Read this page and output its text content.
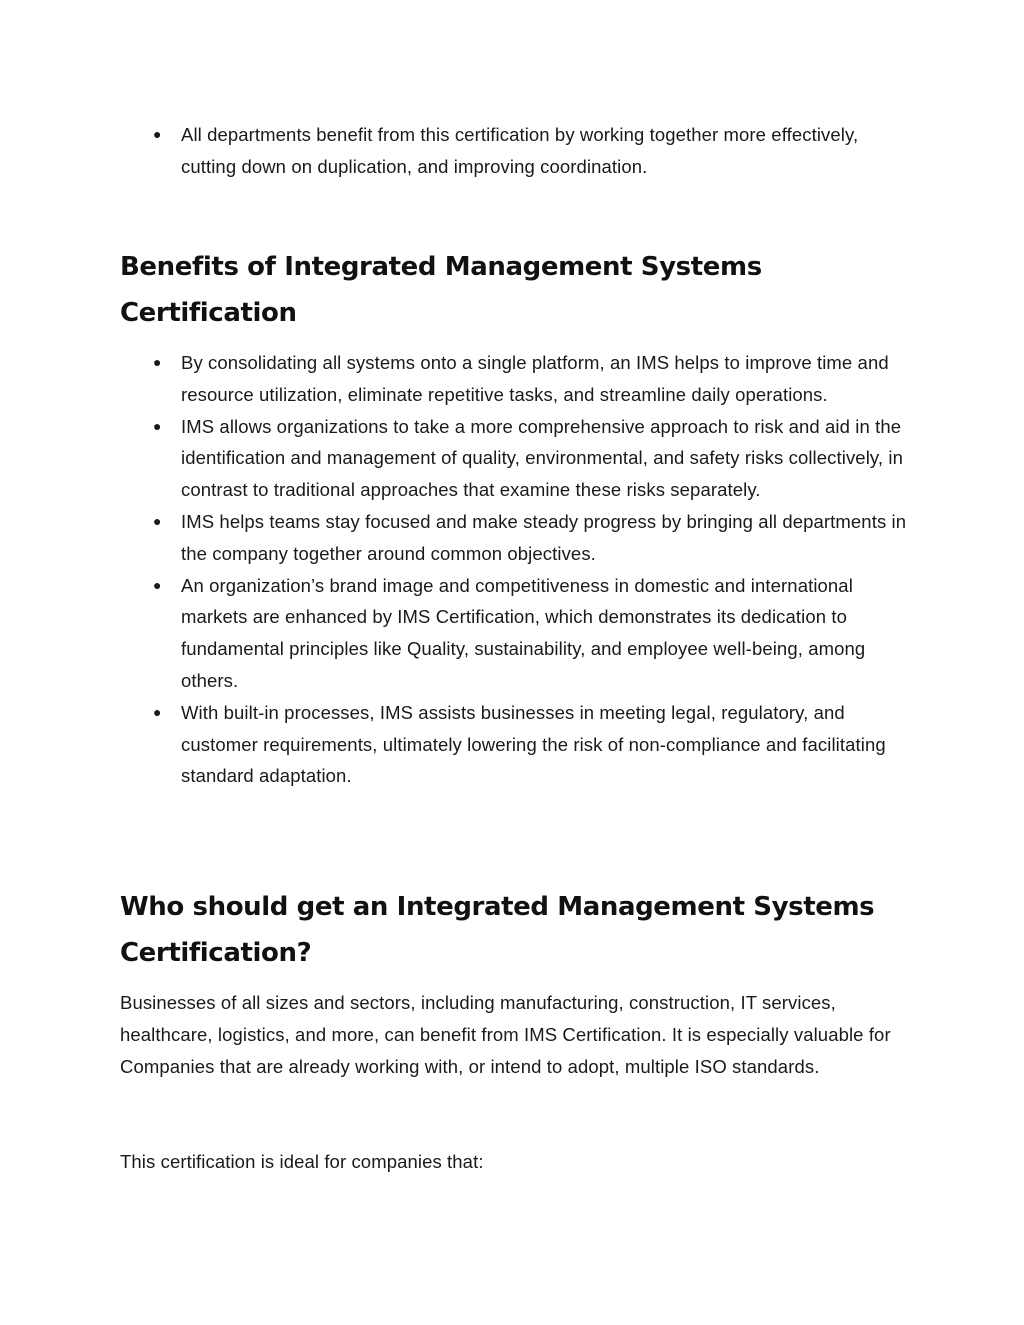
● All departments benefit from this certification by working together more effectively, cutting down on duplication, and improving coordination.
Benefits of Integrated Management Systems Certification
● By consolidating all systems onto a single platform, an IMS helps to improve time and resource utilization, eliminate repetitive tasks, and streamline daily operations.
● IMS allows organizations to take a more comprehensive approach to risk and aid in the identification and management of quality, environmental, and safety risks collectively, in contrast to traditional approaches that examine these risks separately.
● IMS helps teams stay focused and make steady progress by bringing all departments in the company together around common objectives.
● An organization’s brand image and competitiveness in domestic and international markets are enhanced by IMS Certification, which demonstrates its dedication to fundamental principles like Quality, sustainability, and employee well-being, among others.
● With built-in processes, IMS assists businesses in meeting legal, regulatory, and customer requirements, ultimately lowering the risk of non-compliance and facilitating standard adaptation.
Who should get an Integrated Management Systems Certification?

Businesses of all sizes and sectors, including manufacturing, construction, IT services, healthcare, logistics, and more, can benefit from IMS Certification. It is especially valuable for Companies that are already working with, or intend to adopt, multiple ISO standards.

This certification is ideal for companies that:
